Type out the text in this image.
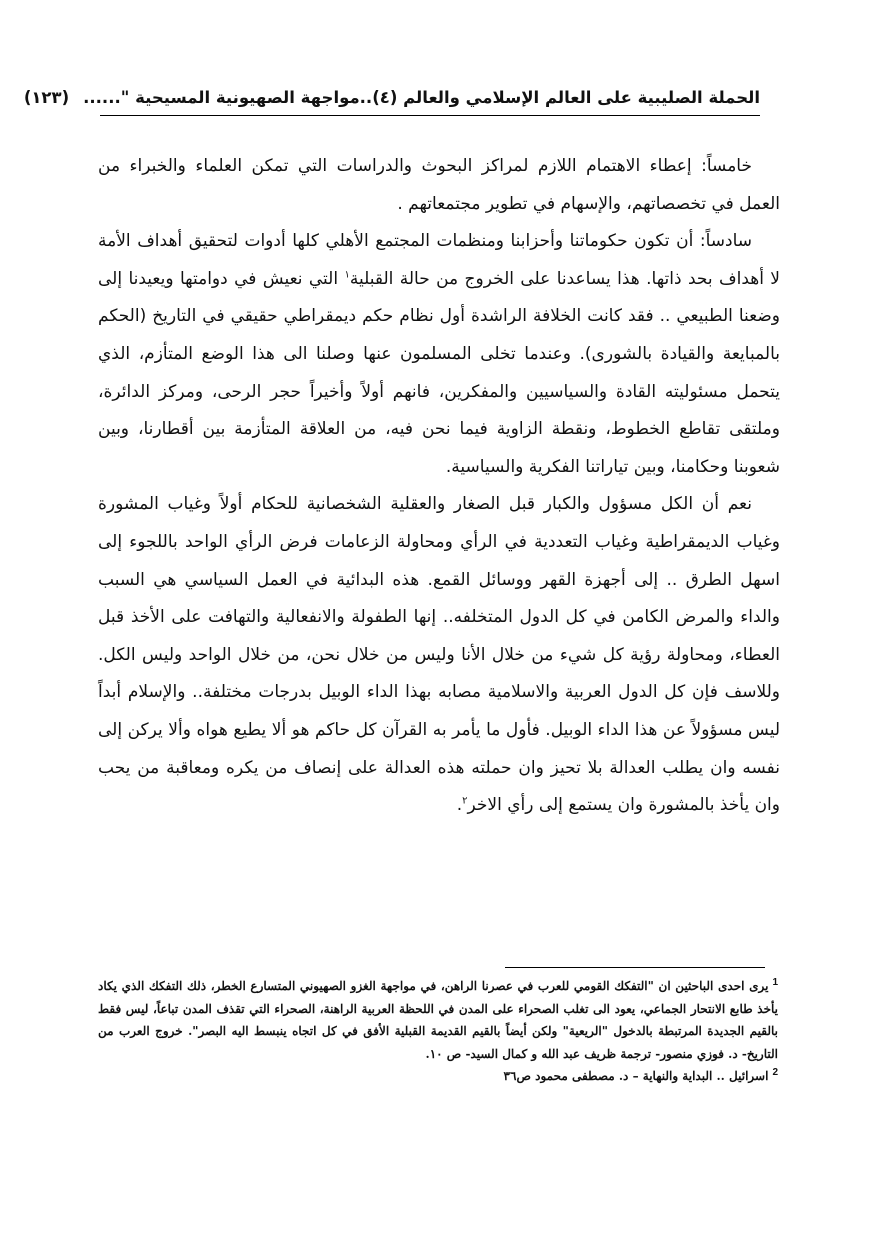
الحملة الصليبية على العالم الإسلامي والعالم (٤)..مواجهة الصهيونية المسيحية "......(١٢٣)

خامساً: إعطاء الاهتمام اللازم لمراكز البحوث والدراسات التي تمكن العلماء والخبراء من العمل في تخصصاتهم، والإسهام في تطوير مجتمعاتهم .

سادساً: أن تكون حكوماتنا وأحزابنا ومنظمات المجتمع الأهلي كلها أدوات لتحقيق أهداف الأمة لا أهداف بحد ذاتها. هذا يساعدنا على الخروج من حالة القبلية$^١$ التي نعيش في دوامتها ويعيدنا إلى وضعنا الطبيعي .. فقد كانت الخلافة الراشدة أول نظام حكم ديمقراطي حقيقي في التاريخ (الحكم بالمبايعة والقيادة بالشورى). وعندما تخلى المسلمون عنها وصلنا الى هذا الوضع المتأزم، الذي يتحمل مسئوليته القادة والسياسيين والمفكرين، فانهم أولاً وأخيراً حجر الرحى، ومركز الدائرة، وملتقى تقاطع الخطوط، ونقطة الزاوية فيما نحن فيه، من العلاقة المتأزمة بين أقطارنا، وبين شعوبنا وحكامنا، وبين تياراتنا الفكرية والسياسية.

نعم أن الكل مسؤول والكبار قبل الصغار والعقلية الشخصانية للحكام أولاً وغياب المشورة وغياب الديمقراطية وغياب التعددية في الرأي ومحاولة الزعامات فرض الرأي الواحد باللجوء إلى اسهل الطرق .. إلى أجهزة القهر ووسائل القمع. هذه البدائية في العمل السياسي هي السبب والداء والمرض الكامن في كل الدول المتخلفه.. إنها الطفولة والانفعالية والتهافت على الأخذ قبل العطاء، ومحاولة رؤية كل شيء من خلال الأنا وليس من خلال نحن، من خلال الواحد وليس الكل. وللاسف فإن كل الدول العربية والاسلامية مصابه بهذا الداء الوبيل بدرجات مختلفة.. والإسلام أبداً ليس مسؤولاً عن هذا الداء الوبيل. فأول ما يأمر به القرآن كل حاكم هو ألا يطيع هواه وألا يركن إلى نفسه وان يطلب العدالة بلا تحيز وان حملته هذه العدالة على إنصاف من يكره ومعاقبة من يحب وان يأخذ بالمشورة وان يستمع إلى رأي الاخر$^٢$.

$^1$يرى احدى الباحثين ان "التفكك القومي للعرب في عصرنا الراهن، في مواجهة الغزو الصهيوني المتسارع الخطر، ذلك التفكك الذي يكاد يأخذ طابع الانتحار الجماعي، يعود الى تغلب الصحراء على المدن في اللحظة العربية الراهنة، الصحراء التي تقذف المدن تباعاً، ليس فقط بالقيم الجديدة المرتبطة بالدخول "الريعية" ولكن أيضاً بالقيم القديمة القبلية الأفق في كل اتجاه ينبسط اليه البصر". خروج العرب من التاريخ- د. فوزي منصور- ترجمة ظريف عبد الله و كمال السيد- ص ١٠.

$^2$اسرائيل .. البداية والنهاية – د. مصطفى محمود ص٣٦
